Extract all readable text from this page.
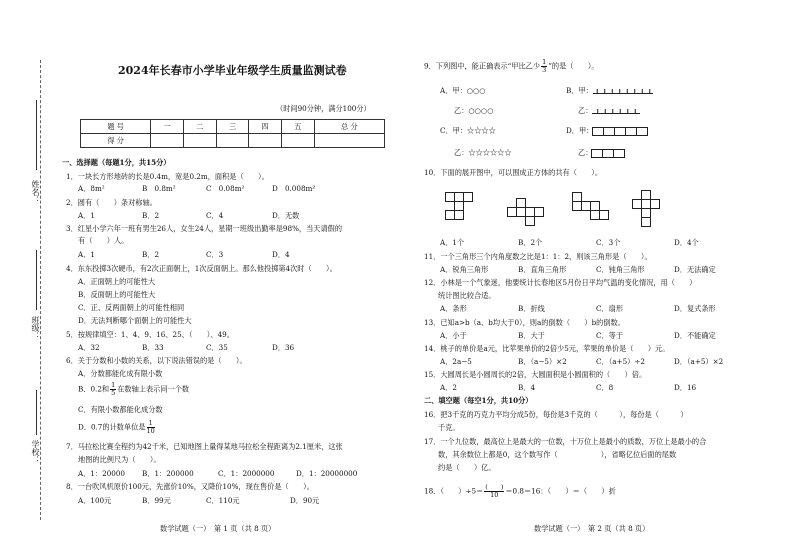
姓名：
班级：
学校：
2024年长春市小学毕业年级学生质量监测试卷
（时间90分钟，满分100分）
题 号	一	二	三	四	五	总 分
得 分						
一、选择题（每题1分，共15分）
1．一块长方形地砖的长是0.4m，宽是0.2m，面积是（　　）。
A．8m²	B　0.8m²	C　0.08m²	D　0.008m²
2．圆有（　　）条对称轴。
A．1	B．2	C．4	D．无数
3．红星小学六年一班有男生26人，女生24人，星期一班级出勤率是98%，当天请假的
有（　　）人。
A．1	B．2	C．3	D．4
4．东东投掷3次硬币，有2次正面朝上，1次反面朝上。那么他投掷第4次时（　　）。
A．正面朝上的可能性大
B．反面朝上的可能性大
C．正、反两面朝上的可能性相同
D．无法判断哪个面朝上的可能性大
5．按规律填空：1、4、9、16、25、（　　）、49。
A．32	B．33	C．35	D．36
6．关于分数和小数的关系，以下说法错误的是（　　）。
A．分数都能化成有限小数
B．0.2和 $\frac{1}{5}$ 在数轴上表示同一个数
C．有限小数都能化成分数
D．0.7的计数单位是 $\frac{1}{10}$
7．马拉松比赛全程约为42千米，已知地图上量得某地马拉松全程距离为2.1厘米，这张
地图的比例尺为（　　）。
A．1：20000 B．1：200000	C．1：2000000	D．1：20000000
8．一台吹风机原价100元，先涨价10%，又降价10%，现在售价是（　　）。
A．100元	B．99元	C．110元	D．90元
数学试题（一）　第 1 页（共 8 页）
9．下列图中，能正确表示“甲比乙少 $\frac{1}{3}$ ”的是（　　）。
A．甲：○○○
乙：○○○○
B．甲：
乙：
C．甲：☆☆☆☆
乙：☆☆☆☆☆☆
D．甲：
乙：
10．下面的展开图中，可以围成正方体的共有（　　）。
A．1个	B．2个	C．3个	D．4个
11．一个三角形三个内角度数之比是1：1：2，则该三角形是（　　）。
A．锐角三角形	B．直角三角形	C．钝角三角形	D．无法确定
12．小林是一个气象迷，他要统计长春地区5月份日平均气温的变化情况，用（　　）
统计图比较合适。
A．条形	B．折线	C．扇形	D．复式条形
13．已知a>b（a、b均大于0），则a的倒数（　　）b的倒数。
A．小于	B．大于	C．等于	D．不能确定
14．桃子的单价是a元，比苹果单价的2倍少5元，苹果的单价是（　　）元。
A．2a−5	B．（a−5）×2	C．（a+5）÷2	D．（a+5）×2
15．大圆周长是小圆周长的2倍，大圆面积是小圆面积的（　　）倍。
A．2	B．4	C．8	D．16
二、填空题（每空1分，共10分）
16．把3千克的巧克力平均分成5份，每份是3千克的（　　　），每份是（　　　）
千克。
17．一个九位数，最高位上是最大的一位数，十万位上是最小的质数，万位上是最小的合
数，其余数位上都是0，这个数写作（　　　　　　），省略亿位后面的尾数
约是（　　）亿。
18．（　　）$\div 5= \frac{( )}{10} =0.8=16$：（　　）＝（　　）折
数学试题（一）　第 2 页（共 8 页）
